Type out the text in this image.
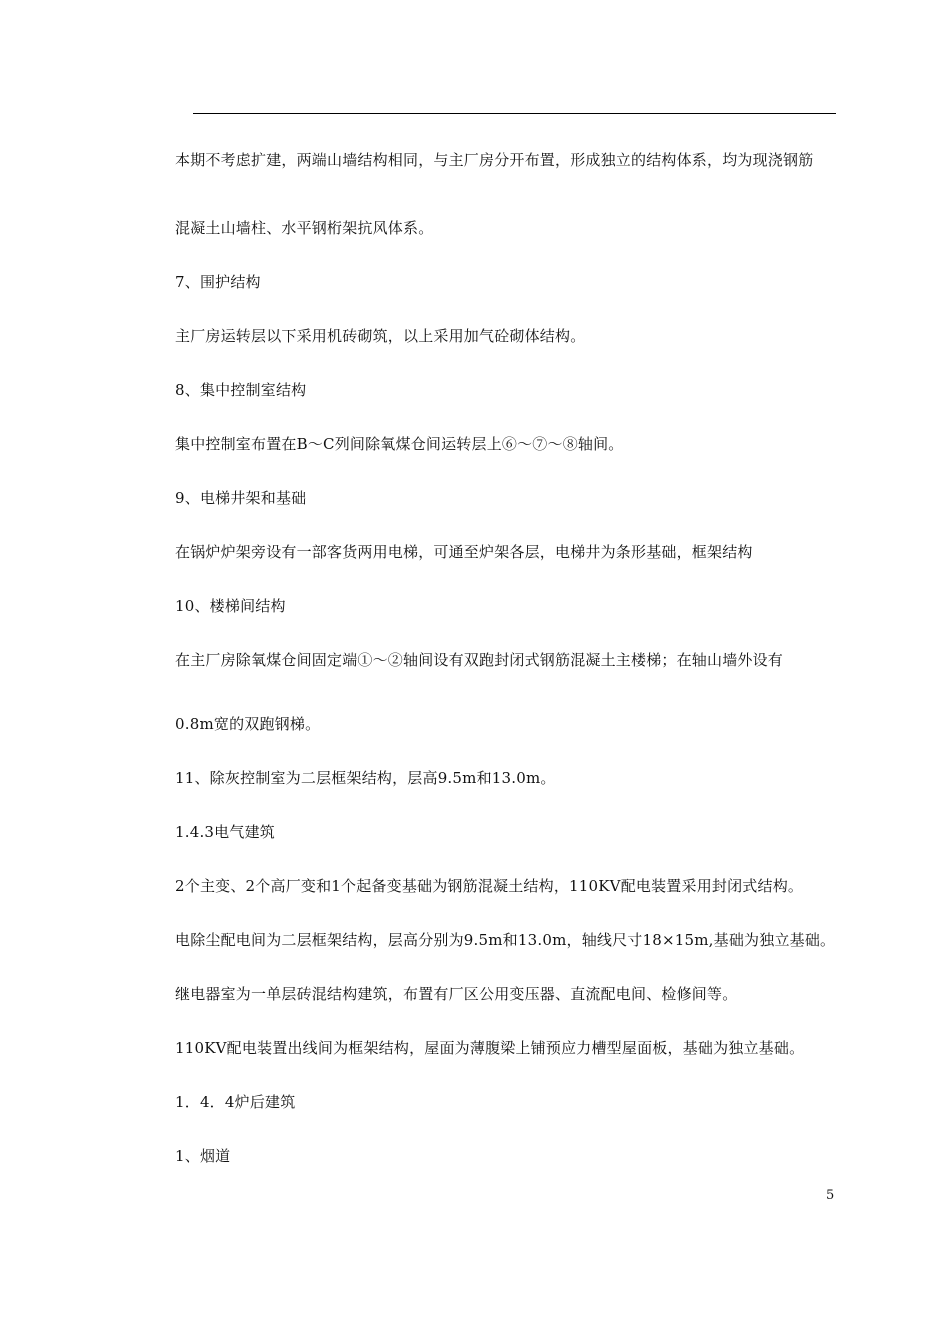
本期不考虑扩建，两端山墙结构相同，与主厂房分开布置，形成独立的结构体系，均为现浇钢筋
混凝土山墙柱、水平钢桁架抗风体系。
7、围护结构
主厂房运转层以下采用机砖砌筑，以上采用加气砼砌体结构。
8、集中控制室结构
集中控制室布置在B～C列间除氧煤仓间运转层上⑥～⑦～⑧轴间。
9、电梯井架和基础
在锅炉炉架旁设有一部客货两用电梯，可通至炉架各层，电梯井为条形基础，框架结构
10、楼梯间结构
在主厂房除氧煤仓间固定端①～②轴间设有双跑封闭式钢筋混凝土主楼梯；在轴山墙外设有
0.8m宽的双跑钢梯。
11、除灰控制室为二层框架结构，层高9.5m和13.0m。
1.4.3电气建筑
2个主变、2个高厂变和1个起备变基础为钢筋混凝土结构，110KV配电装置采用封闭式结构。
电除尘配电间为二层框架结构，层高分别为9.5m和13.0m，轴线尺寸18×15m,基础为独立基础。
继电器室为一单层砖混结构建筑，布置有厂区公用变压器、直流配电间、检修间等。
110KV配电装置出线间为框架结构，屋面为薄腹梁上铺预应力槽型屋面板，基础为独立基础。
1．4．4炉后建筑
1、烟道
5
